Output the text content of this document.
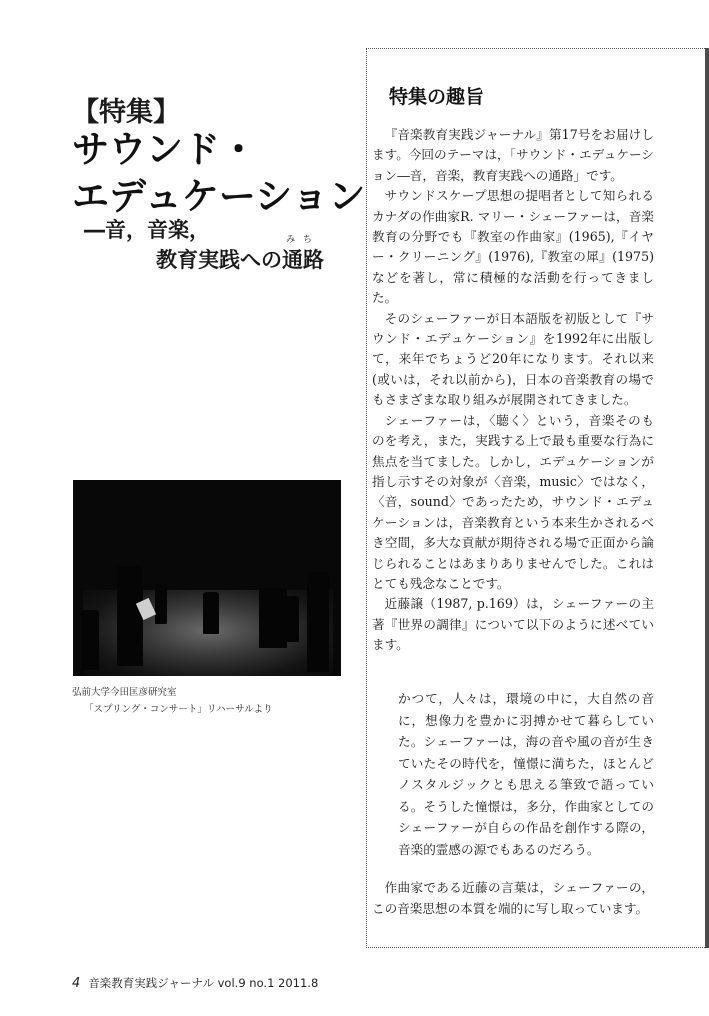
【特集】
サウンド・
エデュケーション
―音，音楽，
教育実践への
みち
通路
弘前大学今田匡彦研究室
「スプリング・コンサート」リハーサルより
特集の趣旨

『音楽教育実践ジャーナル』第17号をお届けします。今回のテーマは，「サウンド・エデュケーション―音，音楽，教育実践への通路」です。

サウンドスケープ思想の提唱者として知られるカナダの作曲家R. マリー・シェーファーは，音楽教育の分野でも『教室の作曲家』(1965),『イヤー・クリーニング』(1976),『教室の犀』(1975)などを著し，常に積極的な活動を行ってきました。

そのシェーファーが日本語版を初版として『サウンド・エデュケーション』を1992年に出版して，来年でちょうど20年になります。それ以来(或いは，それ以前から)，日本の音楽教育の場でもさまざまな取り組みが展開されてきました。

シェーファーは，〈聴く〉という，音楽そのものを考え，また，実践する上で最も重要な行為に焦点を当てました。しかし，エデュケーションが指し示すその対象が〈音楽，music〉ではなく，〈音，sound〉であったため，サウンド・エデュケーションは，音楽教育という本来生かされるべき空間，多大な貢献が期待される場で正面から論じられることはあまりありませんでした。これはとても残念なことです。

近藤譲（1987, p.169）は，シェーファーの主著『世界の調律』について以下のように述べています。

かつて，人々は，環境の中に，大自然の音に，想像力を豊かに羽搏かせて暮らしていた。シェーファーは，海の音や風の音が生きていたその時代を，憧憬に満ちた，ほとんどノスタルジックとも思える筆致で語っている。そうした憧憬は，多分，作曲家としてのシェーファーが自らの作品を創作する際の，音楽的霊感の源でもあるのだろう。

作曲家である近藤の言葉は，シェーファーの，この音楽思想の本質を端的に写し取っています。

4 音楽教育実践ジャーナル vol.9 no.1 2011.8
